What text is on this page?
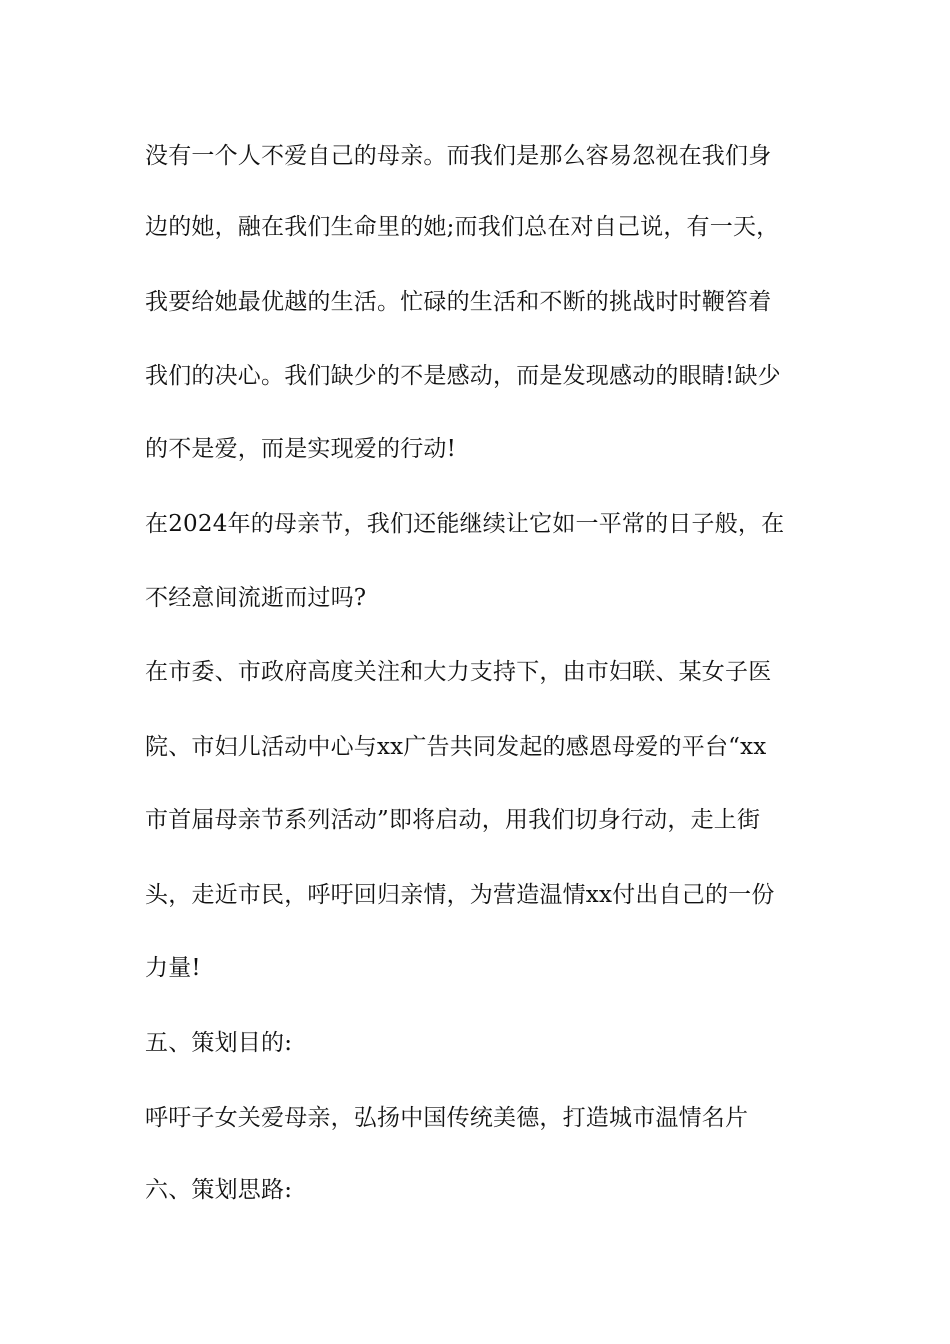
没有一个人不爱自己的母亲。而我们是那么容易忽视在我们身
边的她，融在我们生命里的她;而我们总在对自己说，有一天，
我要给她最优越的生活。忙碌的生活和不断的挑战时时鞭笞着
我们的决心。我们缺少的不是感动，而是发现感动的眼睛!缺少
的不是爱，而是实现爱的行动!
在2024年的母亲节，我们还能继续让它如一平常的日子般，在
不经意间流逝而过吗?
在市委、市政府高度关注和大力支持下，由市妇联、某女子医
院、市妇儿活动中心与xx广告共同发起的感恩母爱的平台“xx
市首届母亲节系列活动”即将启动，用我们切身行动，走上街
头，走近市民，呼吁回归亲情，为营造温情xx付出自己的一份
力量!
五、策划目的:
呼吁子女关爱母亲，弘扬中国传统美德，打造城市温情名片
六、策划思路:
